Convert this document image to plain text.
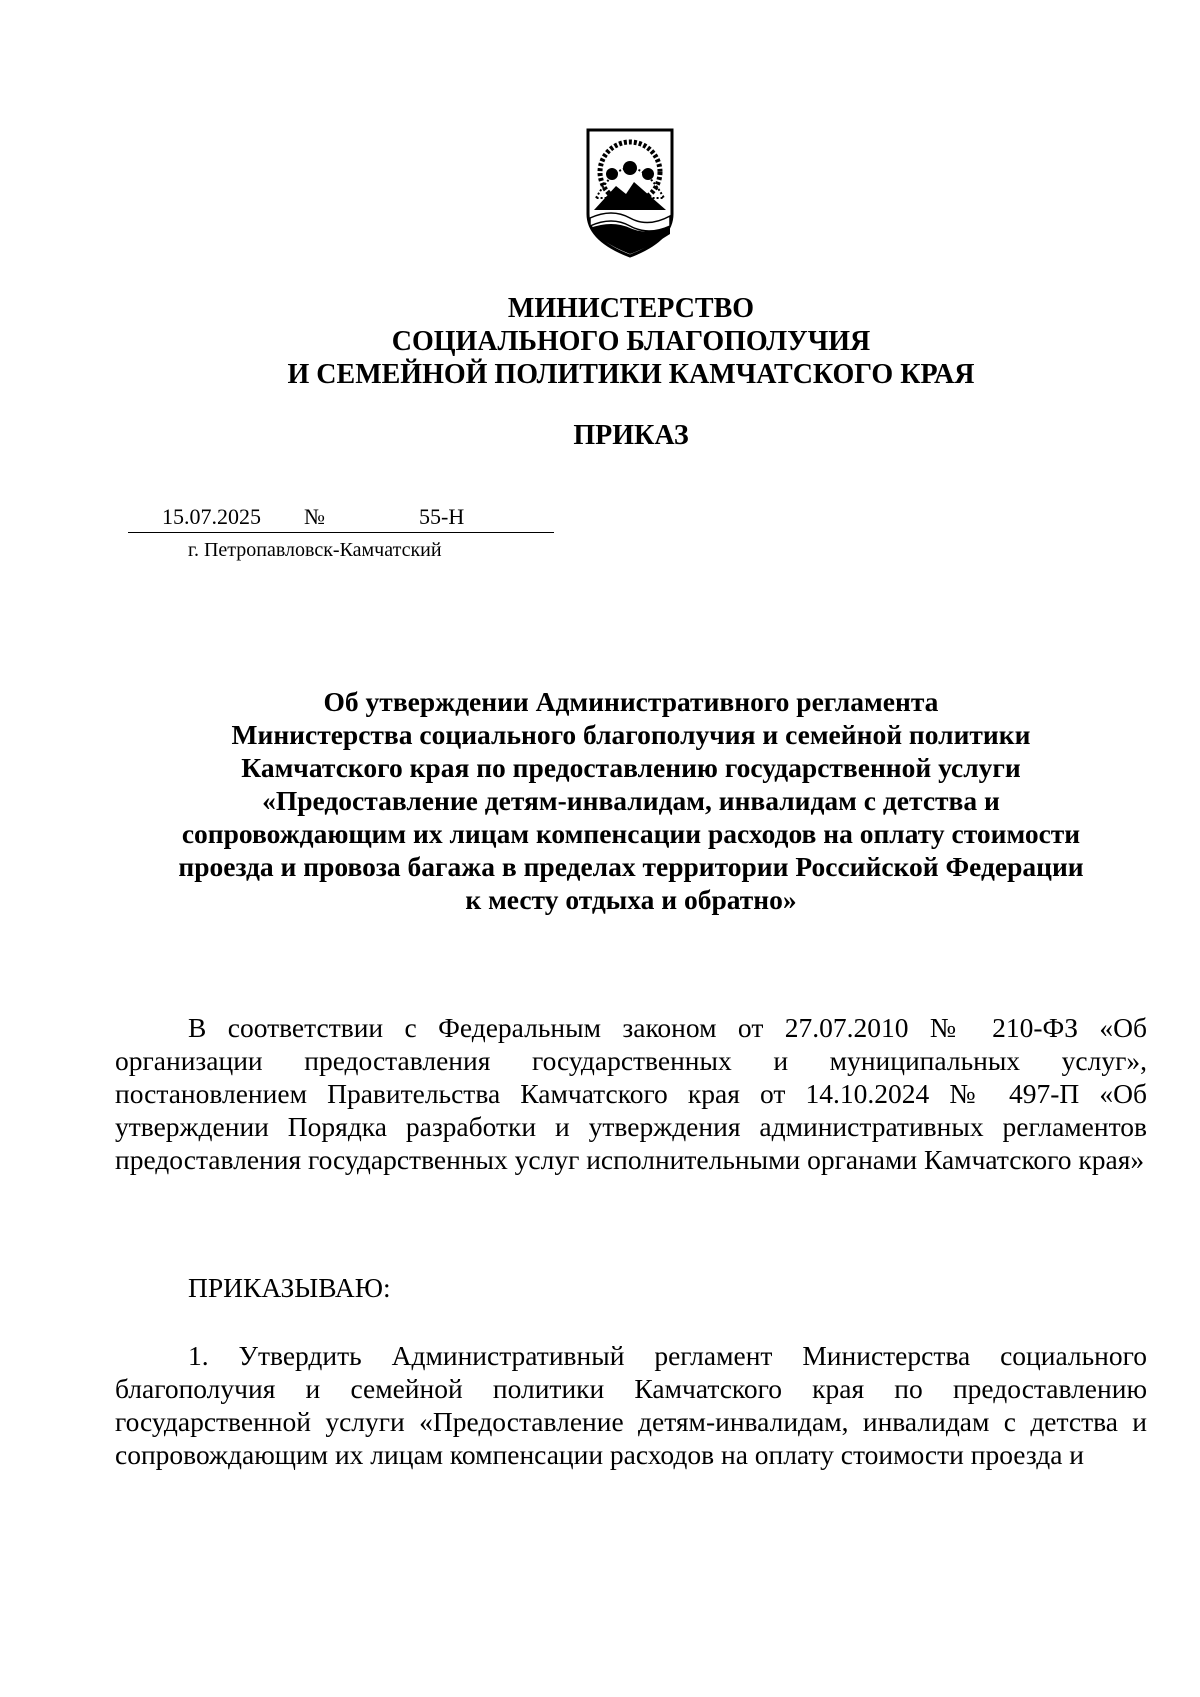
МИНИСТЕРСТВО
СОЦИАЛЬНОГО БЛАГОПОЛУЧИЯ
И СЕМЕЙНОЙ ПОЛИТИКИ КАМЧАТСКОГО КРАЯ
ПРИКАЗ
15.07.2025 №	55-Н
г. Петропавловск-Камчатский
Об утверждении Административного регламента
Министерства социального благополучия и семейной политики
Камчатского края по предоставлению государственной услуги
«Предоставление детям-инвалидам, инвалидам с детства и
сопровождающим их лицам компенсации расходов на оплату стоимости
проезда и провоза багажа в пределах территории Российской Федерации
к месту отдыха и обратно»
В соответствии с Федеральным законом от 27.07.2010 № 210-ФЗ «Об организации предоставления государственных и муниципальных услуг», постановлением Правительства Камчатского края от 14.10.2024 № 497-П «Об утверждении Порядка разработки и утверждения административных регламентов предоставления государственных услуг исполнительными органами Камчатского края»
ПРИКАЗЫВАЮ:
1. Утвердить Административный регламент Министерства социального благополучия и семейной политики Камчатского края по предоставлению государственной услуги «Предоставление детям-инвалидам, инвалидам с детства и сопровождающим их лицам компенсации расходов на оплату стоимости проезда и
